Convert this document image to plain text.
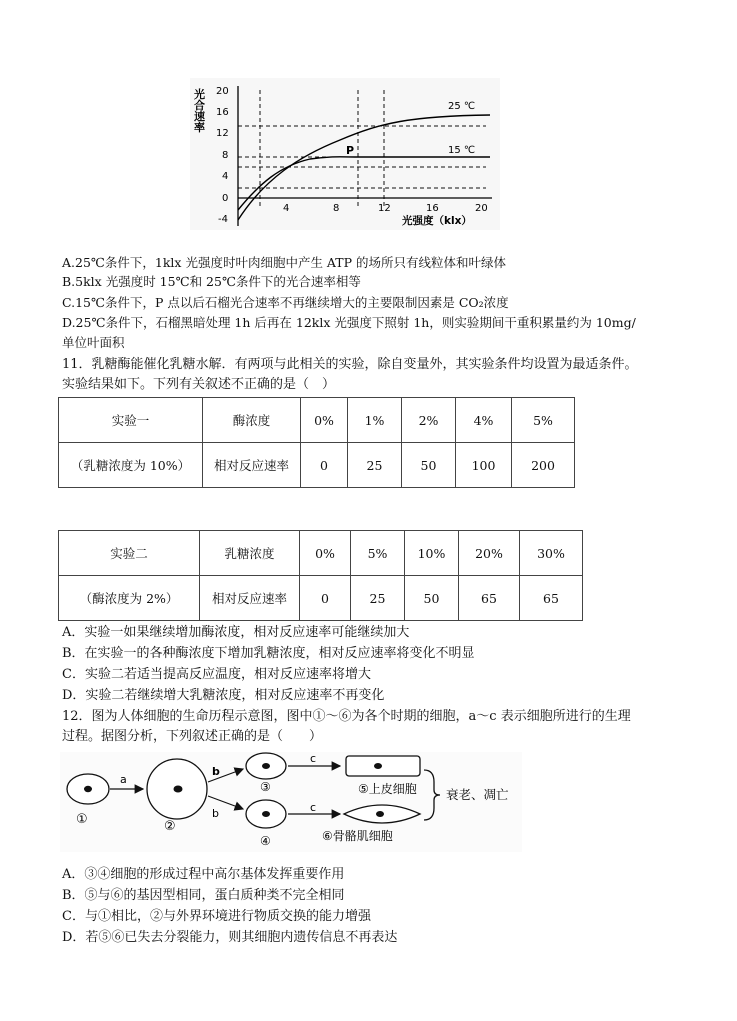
光
合
速
率
20
16
12
8
4
0
-4
4	8	12	16	20
光强度（klx）
25 ℃
15 ℃
P
A.25℃条件下，1klx 光强度时叶肉细胞中产生 ATP 的场所只有线粒体和叶绿体
B.5klx 光强度时 15℃和 25℃条件下的光合速率相等
C.15℃条件下，P 点以后石榴光合速率不再继续增大的主要限制因素是 CO₂浓度
D.25℃条件下，石榴黑暗处理 1h 后再在 12klx 光强度下照射 1h，则实验期间干重积累量约为 10mg/
单位叶面积
11．乳糖酶能催化乳糖水解．有两项与此相关的实验，除自变量外，其实验条件均设置为最适条件。
实验结果如下。下列有关叙述不正确的是（　）
实验一	酶浓度	0%	1%	2%	4%	5%
（乳糖浓度为 10%）	相对反应速率	0	25	50	100	200
实验二	乳糖浓度	0%	5%	10%	20%	30%
（酶浓度为 2%）	相对反应速率	0	25	50	65	65
A．实验一如果继续增加酶浓度，相对反应速率可能继续加大
B．在实验一的各种酶浓度下增加乳糖浓度，相对反应速率将变化不明显
C．实验二若适当提高反应温度，相对反应速率将增大
D．实验二若继续增大乳糖浓度，相对反应速率不再变化
12．图为人体细胞的生命历程示意图，图中①～⑥为各个时期的细胞，a～c 表示细胞所进行的生理
过程。据图分析，下列叙述正确的是（　　）
①
a
②
b
b
③
④
c
c
⑤上皮细胞
⑥骨骼肌细胞
衰老、凋亡
A．③④细胞的形成过程中高尔基体发挥重要作用
B．⑤与⑥的基因型相同，蛋白质种类不完全相同
C．与①相比，②与外界环境进行物质交换的能力增强
D．若⑤⑥已失去分裂能力，则其细胞内遗传信息不再表达
